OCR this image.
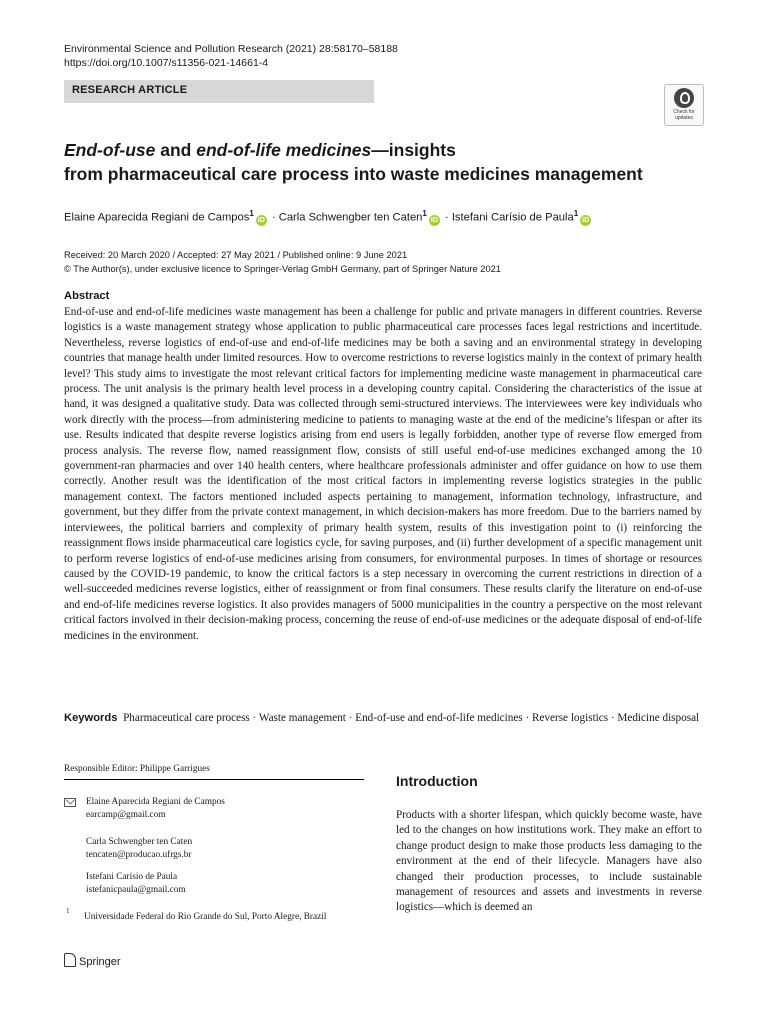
Environmental Science and Pollution Research (2021) 28:58170–58188
https://doi.org/10.1007/s11356-021-14661-4
RESEARCH ARTICLE
Check for updates
End-of-use and end-of-life medicines—insights
from pharmaceutical care process into waste medicines management
Elaine Aparecida Regiani de Campos$^1$iD · Carla Schwengber ten Caten$^1$iD · Istefani Carísio de Paula$^1$iD
Received: 20 March 2020 / Accepted: 27 May 2021 / Published online: 9 June 2021
© The Author(s), under exclusive licence to Springer-Verlag GmbH Germany, part of Springer Nature 2021
Abstract

End-of-use and end-of-life medicines waste management has been a challenge for public and private managers in different countries. Reverse logistics is a waste management strategy whose application to public pharmaceutical care processes faces legal restrictions and incertitude. Nevertheless, reverse logistics of end-of-use and end-of-life medicines may be both a saving and an environmental strategy in developing countries that manage health under limited resources. How to overcome restrictions to reverse logistics mainly in the context of primary health level? This study aims to investigate the most relevant critical factors for implementing medicine waste management in pharmaceutical care process. The unit analysis is the primary health level process in a developing country capital. Considering the characteristics of the issue at hand, it was designed a qualitative study. Data was collected through semi-structured interviews. The interviewees were key individuals who work directly with the process—from administering medicine to patients to managing waste at the end of the medicine’s lifespan or after its use. Results indicated that despite reverse logistics arising from end users is legally forbidden, another type of reverse flow emerged from process analysis. The reverse flow, named reassignment flow, consists of still useful end-of-use medicines exchanged among the 10 government-ran pharmacies and over 140 health centers, where healthcare professionals administer and offer guidance on how to use them correctly. Another result was the identification of the most critical factors in implementing reverse logistics strategies in the public management context. The factors mentioned included aspects pertaining to management, information technology, infrastructure, and government, but they differ from the private context management, in which decision-makers has more freedom. Due to the barriers named by interviewees, the political barriers and complexity of primary health system, results of this investigation point to (i) reinforcing the reassignment flows inside pharmaceutical care logistics cycle, for saving purposes, and (ii) further development of a specific management unit to perform reverse logistics of end-of-use medicines arising from consumers, for environmental purposes. In times of shortage or resources caused by the COVID-19 pandemic, to know the critical factors is a step necessary in overcoming the current restrictions in direction of a well-succeeded medicines reverse logistics, either of reassignment or from final consumers. These results clarify the literature on end-of-use and end-of-life medicines reverse logistics. It also provides managers of 5000 municipalities in the country a perspective on the most relevant critical factors involved in their decision-making process, concerning the reuse of end-of-use medicines or the adequate disposal of end-of-life medicines in the environment.

Keywords Pharmaceutical care process · Waste management · End-of-use and end-of-life medicines · Reverse logistics · Medicine disposal
Responsible Editor: Philippe Garrigues
Elaine Aparecida Regiani de Campos
earcamp@gmail.com
Carla Schwengber ten Caten
tencaten@producao.ufrgs.br
Istefani Carísio de Paula
istefanicpaula@gmail.com
1
Universidade Federal do Rio Grande do Sul, Porto Alegre, Brazil
Springer
Introduction

Products with a shorter lifespan, which quickly become waste, have led to the changes on how institutions work. They make an effort to change product design to make those products less damaging to the environment at the end of their lifecycle. Managers have also changed their production processes, to include sustainable management of resources and assets and investments in reverse logistics—which is deemed an
